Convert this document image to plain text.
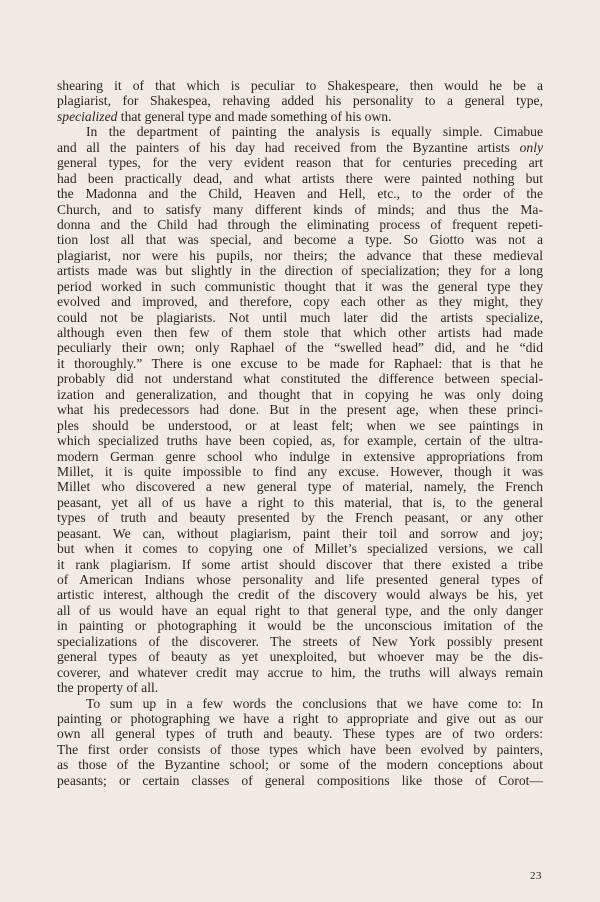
shearing it of that which is peculiar to Shakespeare, then would he be a
plagiarist, for Shakespea, rehaving added his personality to a general type,
specialized that general type and made something of his own.
In the department of painting the analysis is equally simple. Cimabue
and all the painters of his day had received from the Byzantine artists only
general types, for the very evident reason that for centuries preceding art
had been practically dead, and what artists there were painted nothing but
the Madonna and the Child, Heaven and Hell, etc., to the order of the
Church, and to satisfy many different kinds of minds; and thus the Ma-
donna and the Child had through the eliminating process of frequent repeti-
tion lost all that was special, and become a type. So Giotto was not a
plagiarist, nor were his pupils, nor theirs; the advance that these medieval
artists made was but slightly in the direction of specialization; they for a long
period worked in such communistic thought that it was the general type they
evolved and improved, and therefore, copy each other as they might, they
could not be plagiarists. Not until much later did the artists specialize,
although even then few of them stole that which other artists had made
peculiarly their own; only Raphael of the “swelled head” did, and he “did
it thoroughly.” There is one excuse to be made for Raphael: that is that he
probably did not understand what constituted the difference between special-
ization and generalization, and thought that in copying he was only doing
what his predecessors had done. But in the present age, when these princi-
ples should be understood, or at least felt; when we see paintings in
which specialized truths have been copied, as, for example, certain of the ultra-
modern German genre school who indulge in extensive appropriations from
Millet, it is quite impossible to find any excuse. However, though it was
Millet who discovered a new general type of material, namely, the French
peasant, yet all of us have a right to this material, that is, to the general
types of truth and beauty presented by the French peasant, or any other
peasant. We can, without plagiarism, paint their toil and sorrow and joy;
but when it comes to copying one of Millet’s specialized versions, we call
it rank plagiarism. If some artist should discover that there existed a tribe
of American Indians whose personality and life presented general types of
artistic interest, although the credit of the discovery would always be his, yet
all of us would have an equal right to that general type, and the only danger
in painting or photographing it would be the unconscious imitation of the
specializations of the discoverer. The streets of New York possibly present
general types of beauty as yet unexploited, but whoever may be the dis-
coverer, and whatever credit may accrue to him, the truths will always remain
the property of all.
To sum up in a few words the conclusions that we have come to: In
painting or photographing we have a right to appropriate and give out as our
own all general types of truth and beauty. These types are of two orders:
The first order consists of those types which have been evolved by painters,
as those of the Byzantine school; or some of the modern conceptions about
peasants; or certain classes of general compositions like those of Corot—
23
